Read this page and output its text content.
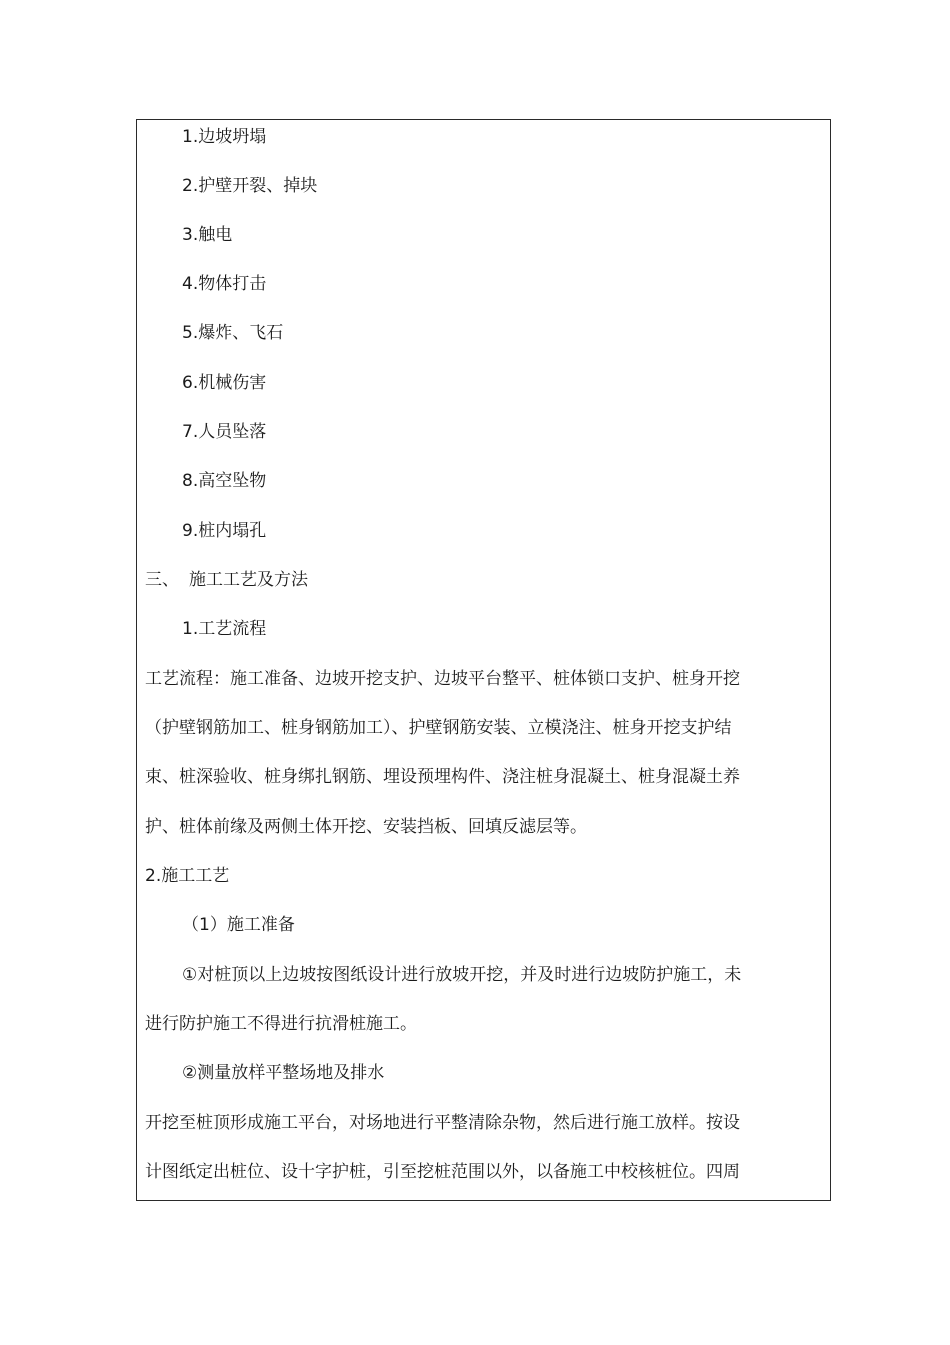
1.边坡坍塌
2.护壁开裂、掉块
3.触电
4.物体打击
5.爆炸、飞石
6.机械伤害
7.人员坠落
8.高空坠物
9.桩内塌孔
三、 施工工艺及方法
1.工艺流程
工艺流程：施工准备、边坡开挖支护、边坡平台整平、桩体锁口支护、桩身开挖
（护壁钢筋加工、桩身钢筋加工）、护壁钢筋安装、立模浇注、桩身开挖支护结
束、桩深验收、桩身绑扎钢筋、埋设预埋构件、浇注桩身混凝土、桩身混凝土养
护、桩体前缘及两侧土体开挖、安装挡板、回填反滤层等。
2.施工工艺
（1）施工准备
①对桩顶以上边坡按图纸设计进行放坡开挖，并及时进行边坡防护施工，未
进行防护施工不得进行抗滑桩施工。
②测量放样平整场地及排水
开挖至桩顶形成施工平台，对场地进行平整清除杂物，然后进行施工放样。按设
计图纸定出桩位、设十字护桩，引至挖桩范围以外，以备施工中校核桩位。四周
